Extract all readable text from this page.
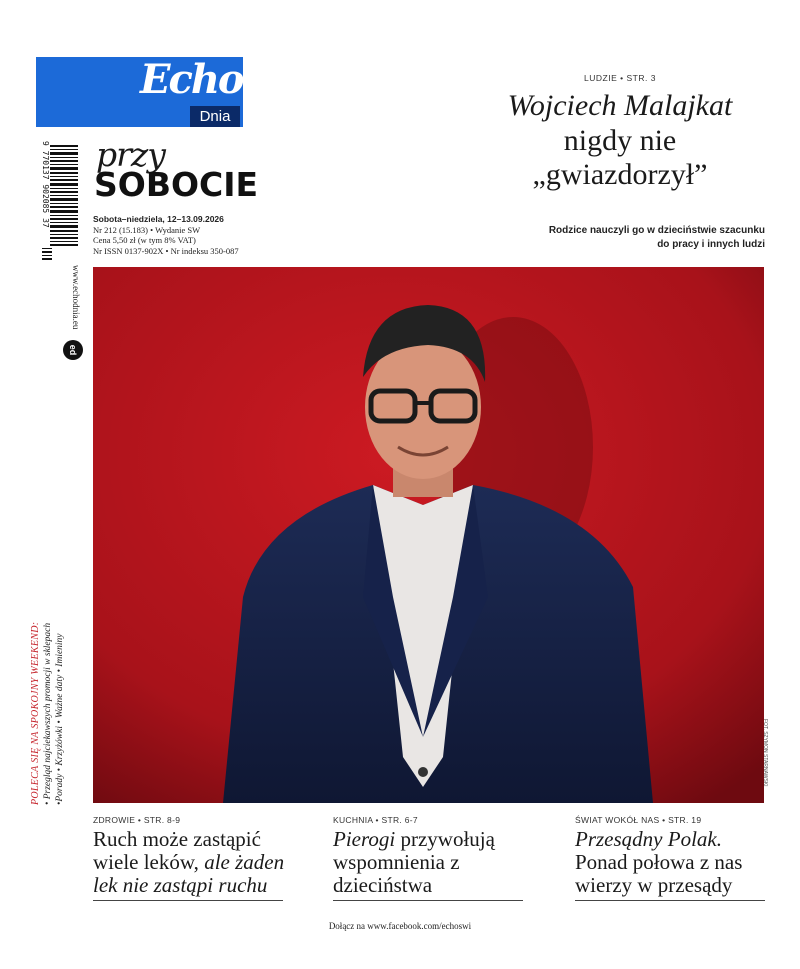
Echo
Dnia
przy
SOBOCIE
Sobota–niedziela, 12–13.09.2026
Nr 212 (15.183) • Wydanie SW
Cena 5,50 zł (w tym 8% VAT)
Nr ISSN 0137-902X • Nr indeksu 350-087
9 770137 902085 37
www.echodnia.eu
ed
LUDZIE • STR. 3
Wojciech Malajkat
nigdy nie
„gwiazdorzył”
Rodzice nauczyli go w dzieciństwie szacunku do pracy i innych ludzi
FOT. SZYMON STARNAWSKI
POLECA SIĘ NA SPOKOJNY WEEKEND: • Przegląd najciekawszych promocji w sklepach •Porady • Krzyżówki • Ważne daty • Imieniny
ZDROWIE • STR. 8-9
Ruch może zastąpić wiele leków, ale żaden lek nie zastąpi ruchu
KUCHNIA • STR. 6-7
Pierogi przywołują wspomnienia z dzieciństwa
ŚWIAT WOKÓŁ NAS • STR. 19
Przesądny Polak. Ponad połowa z nas wierzy w przesądy
Dołącz na www.facebook.com/echoswi
